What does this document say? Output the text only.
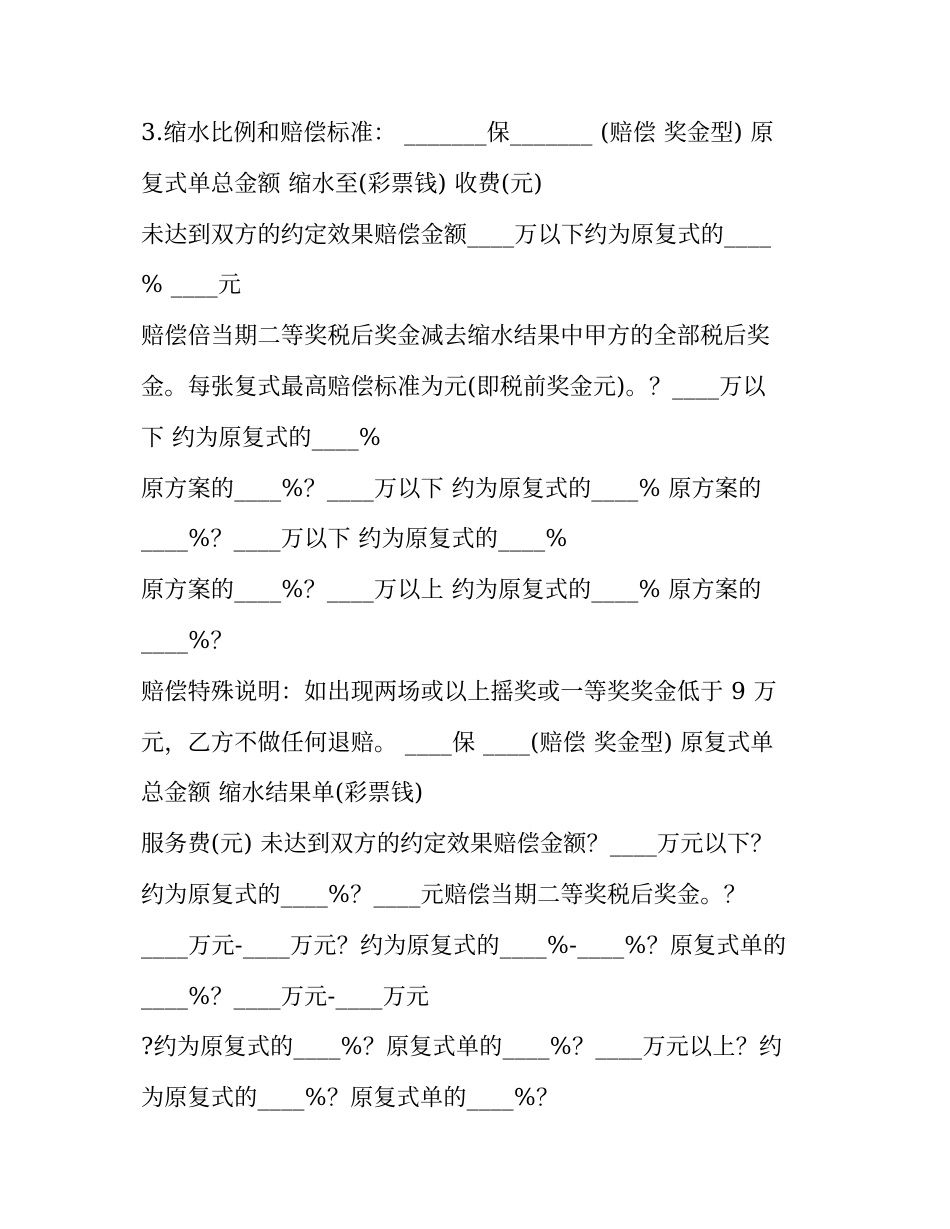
3.缩水比例和赔偿标准： _______保_______ (赔偿 奖金型) 原
复式单总金额 缩水至(彩票钱) 收费(元)
未达到双方的约定效果赔偿金额____万以下约为原复式的____
% ____元
赔偿倍当期二等奖税后奖金减去缩水结果中甲方的全部税后奖
金。每张复式最高赔偿标准为元(即税前奖金元)。？____万以
下 约为原复式的____%
原方案的____%？____万以下 约为原复式的____% 原方案的
____%？____万以下 约为原复式的____%
原方案的____%？____万以上 约为原复式的____% 原方案的
____%？
赔偿特殊说明：如出现两场或以上摇奖或一等奖奖金低于 9 万
元，乙方不做任何退赔。 ____保 ____(赔偿 奖金型) 原复式单
总金额 缩水结果单(彩票钱)
服务费(元) 未达到双方的约定效果赔偿金额？____万元以下？
约为原复式的____%？____元赔偿当期二等奖税后奖金。？
____万元-____万元？约为原复式的____%-____%？原复式单的
____%？____万元-____万元
?约为原复式的____%？原复式单的____%？____万元以上？约
为原复式的____%？原复式单的____%？
